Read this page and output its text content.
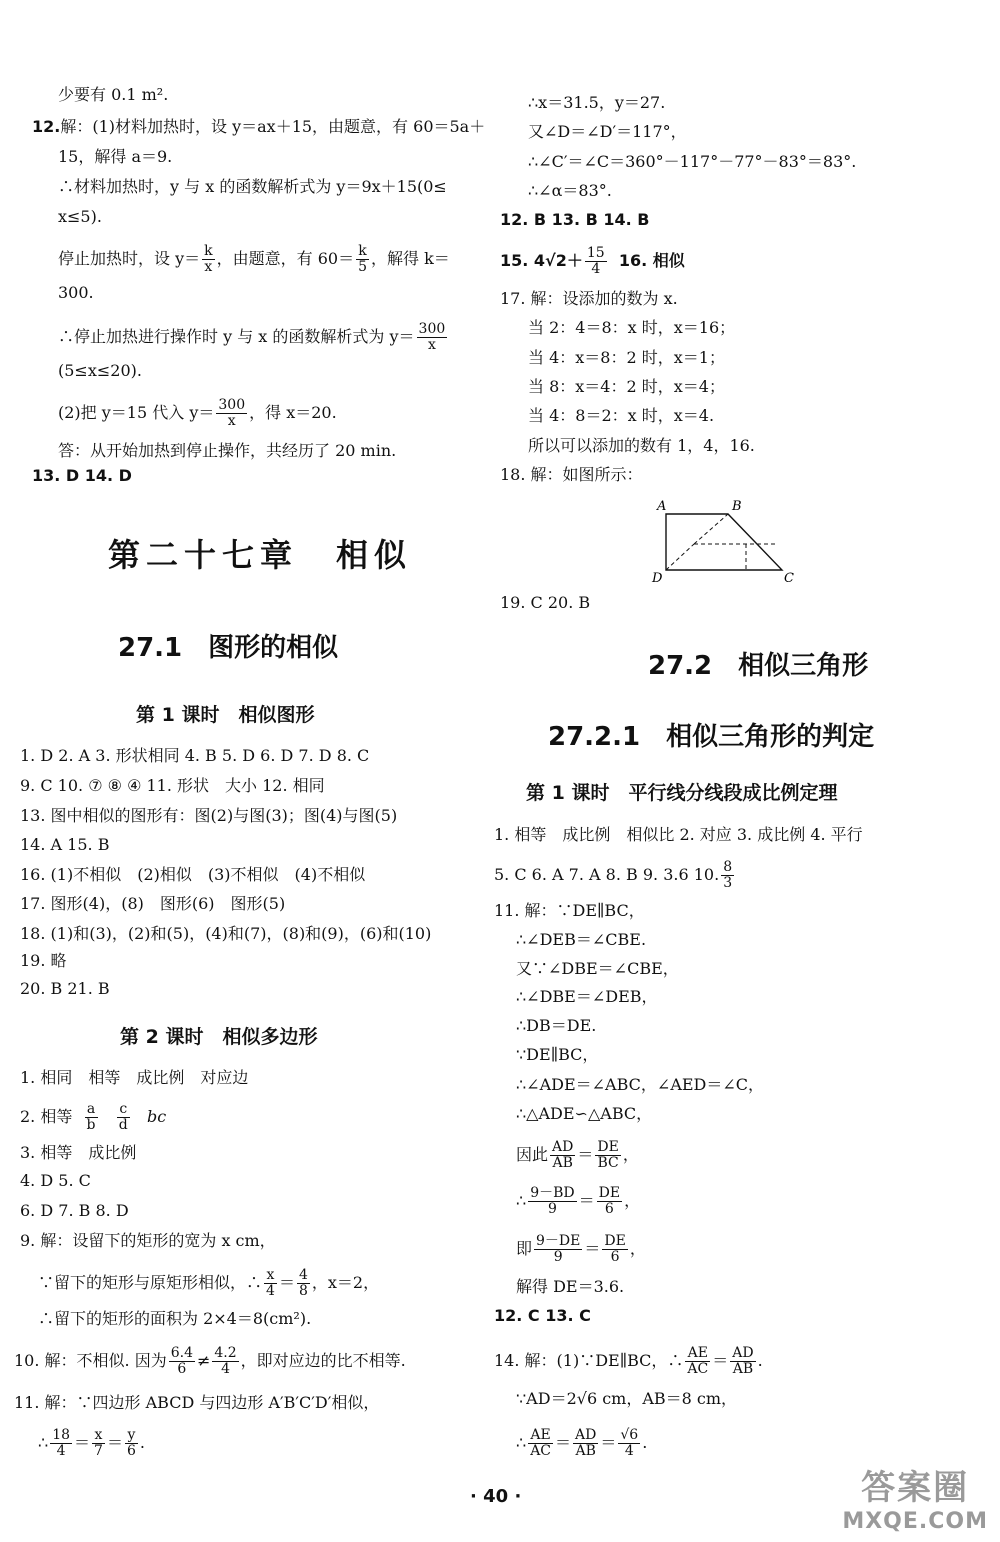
少要有 0.1 m².
12.解：(1)材料加热时，设 y＝ax＋15，由题意，有 60＝5a＋
15，解得 a＝9.
∴材料加热时，y 与 x 的函数解析式为 y＝9x＋15(0≤
x≤5).
停止加热时，设 $y= \frac{k}{x}$ ，由题意，有 $60= \frac{k}{5}$ ，解得 k＝
300.
∴停止加热进行操作时 y 与 x 的函数解析式为 $y= \frac{300}{x}$
(5≤x≤20).
(2)把 y＝15 代入 $y= \frac{300}{x}$ ，得 x＝20.
答：从开始加热到停止操作，共经历了 20 min.
13. D 14. D
第二十七章　相似
27.1　图形的相似
第 1 课时　相似图形
1. D 2. A 3. 形状相同 4. B 5. D 6. D 7. D 8. C
9. C 10. ⑦ ⑧ ④ 11. 形状　大小 12. 相同
13. 图中相似的图形有：图(2)与图(3)；图(4)与图(5)
14. A 15. B
16. (1)不相似　(2)相似　(3)不相似　(4)不相似
17. 图形(4)，(8)　图形(6)　图形(5)
18. (1)和(3)，(2)和(5)，(4)和(7)，(8)和(9)，(6)和(10)
19. 略
20. B 21. B
第 2 课时　相似多边形
1. 相同　相等　成比例　对应边
2. 相等 $\frac{a}{b}$
$\frac{c}{d}$ bc
3. 相等　成比例
4. D 5. C
6. D 7. B 8. D
9. 解：设留下的矩形的宽为 x cm，
∵留下的矩形与原矩形相似，∴ $\frac{x}{4} = \frac{4}{8}$ ，x＝2，
∴留下的矩形的面积为 2×4＝8(cm²).
10. 解：不相似. 因为 $\frac{6.4}{6} \ne \frac{4.2}{4}$ ，即对应边的比不相等.
11. 解：∵四边形 ABCD 与四边形 A′B′C′D′相似，
∴ $\frac{18}{4} = \frac{x}{7} = \frac{y}{6}$ .
∴x＝31.5，y＝27.
又∠D＝∠D′＝117°，
∴∠C′＝∠C＝360°－117°－77°－83°＝83°.
∴∠α＝83°.
12. B 13. B 14. B
15. $4√2+ \frac{15}{4} 16$. 相似
17. 解：设添加的数为 x.
当 2：4＝8：x 时，x＝16；
当 4：x＝8：2 时，x＝1；
当 8：x＝4：2 时，x＝4；
当 4：8＝2：x 时，x＝4.
所以可以添加的数有 1，4，16.
18. 解：如图所示：
A	B
C
D
19. C 20. B
27.2　相似三角形
27.2.1　相似三角形的判定
第 1 课时　平行线分线段成比例定理
1. 相等　成比例　相似比 2. 对应 3. 成比例 4. 平行
5. C 6. A 7. A 8. B 9. 3.6 10. $\frac{8}{3}$
11. 解：∵DE∥BC，
∴∠DEB＝∠CBE.
又∵∠DBE＝∠CBE，
∴∠DBE＝∠DEB，
∴DB＝DE.
∵DE∥BC，
∴∠ADE＝∠ABC，∠AED＝∠C，
∴△ADE∽△ABC，
因此 $\frac{AD}{AB} = \frac{DE}{BC}$ ，
∴ $\frac{9-BD}{9} = \frac{DE}{6}$ ，
即 $\frac{9-DE}{9} = \frac{DE}{6}$ ，
解得 DE＝3.6.
12. C 13. C
14. 解：(1)∵DE∥BC，∴ $\frac{AE}{AC} = \frac{AD}{AB}$ .
∵AD＝2√6 cm，AB＝8 cm，
∴ $\frac{AE}{AC} = \frac{AD}{AB} = \frac{√6}{4}$ .
· 40 ·	答案圈
MXQE.COM
